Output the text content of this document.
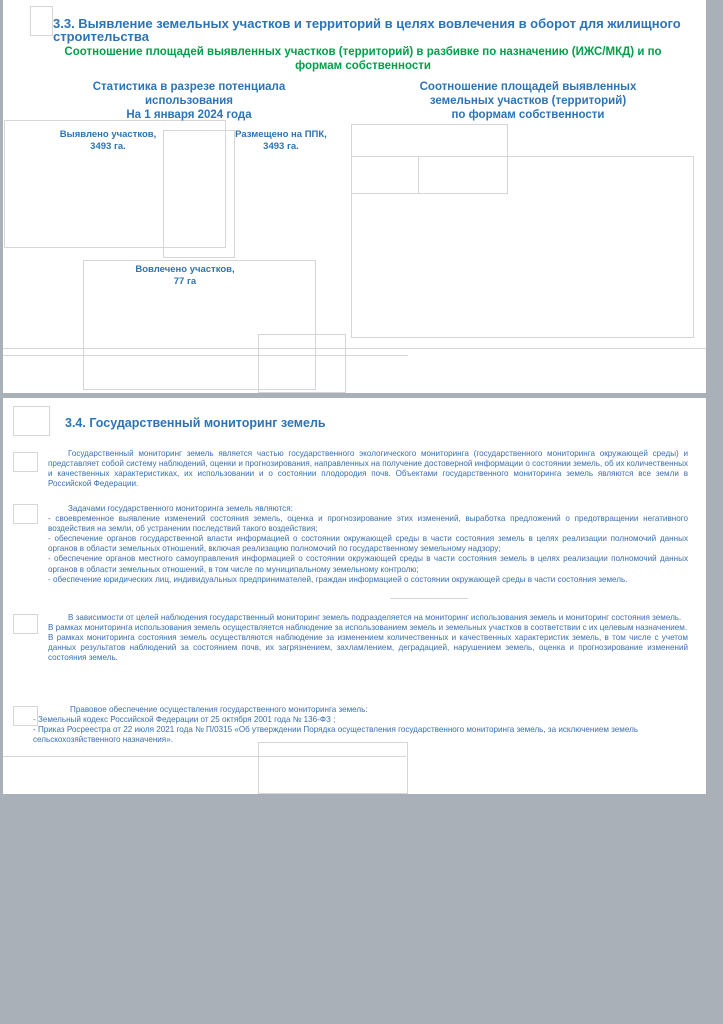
3.3. Выявление земельных участков и территорий в целях вовлечения в оборот для жилищного строительства
Соотношение площадей выявленных участков (территорий) в разбивке по назначению (ИЖС/МКД) и по
формам собственности
Статистика в разрезе потенциала
использования
На 1 января 2024 года
Соотношение площадей выявленных
земельных участков (территорий)
по формам собственности
Выявлено участков,
3493 га.
Размещено на ППК,
3493 га.
Вовлечено участков,
77 га
3.4. Государственный мониторинг земель

Государственный мониторинг земель является частью государственного экологического мониторинга (государственного мониторинга окружающей среды) и представляет собой систему наблюдений, оценки и прогнозирования, направленных на получение достоверной информации о состоянии земель, об их количественных и качественных характеристиках, их использовании и о состоянии плодородия почв. Объектами государственного мониторинга земель являются все земли в Российской Федерации.

Задачами государственного мониторинга земель являются:

- своевременное выявление изменений состояния земель, оценка и прогнозирование этих изменений, выработка предложений о предотвращении негативного воздействия на земли, об устранении последствий такого воздействия;

- обеспечение органов государственной власти информацией о состоянии окружающей среды в части состояния земель в целях реализации полномочий данных органов в области земельных отношений, включая реализацию полномочий по государственному земельному надзору;

- обеспечение органов местного самоуправления информацией о состоянии окружающей среды в части состояния земель в целях реализации полномочий данных органов в области земельных отношений, в том числе по муниципальному земельному контролю;

- обеспечение юридических лиц, индивидуальных предпринимателей, граждан информацией о состоянии окружающей среды в части состояния земель.

В зависимости от целей наблюдения государственный мониторинг земель подразделяется на мониторинг использования земель и мониторинг состояния земель.

В рамках мониторинга использования земель осуществляется наблюдение за использованием земель и земельных участков в соответствии с их целевым назначением.

В рамках мониторинга состояния земель осуществляются наблюдение за изменением количественных и качественных характеристик земель, в том числе с учетом данных результатов наблюдений за состоянием почв, их загрязнением, захламлением, деградацией, нарушением земель, оценка и прогнозирование изменений состояния земель.

Правовое обеспечение осуществления государственного мониторинга земель:

- Земельный кодекс Российской Федерации от 25 октября 2001 года № 136-ФЗ ;

- Приказ Росреестра от 22 июля 2021 года № П/0315 «Об утверждении Порядка осуществления государственного мониторинга земель, за исключением земель сельскохозяйственного назначения».
